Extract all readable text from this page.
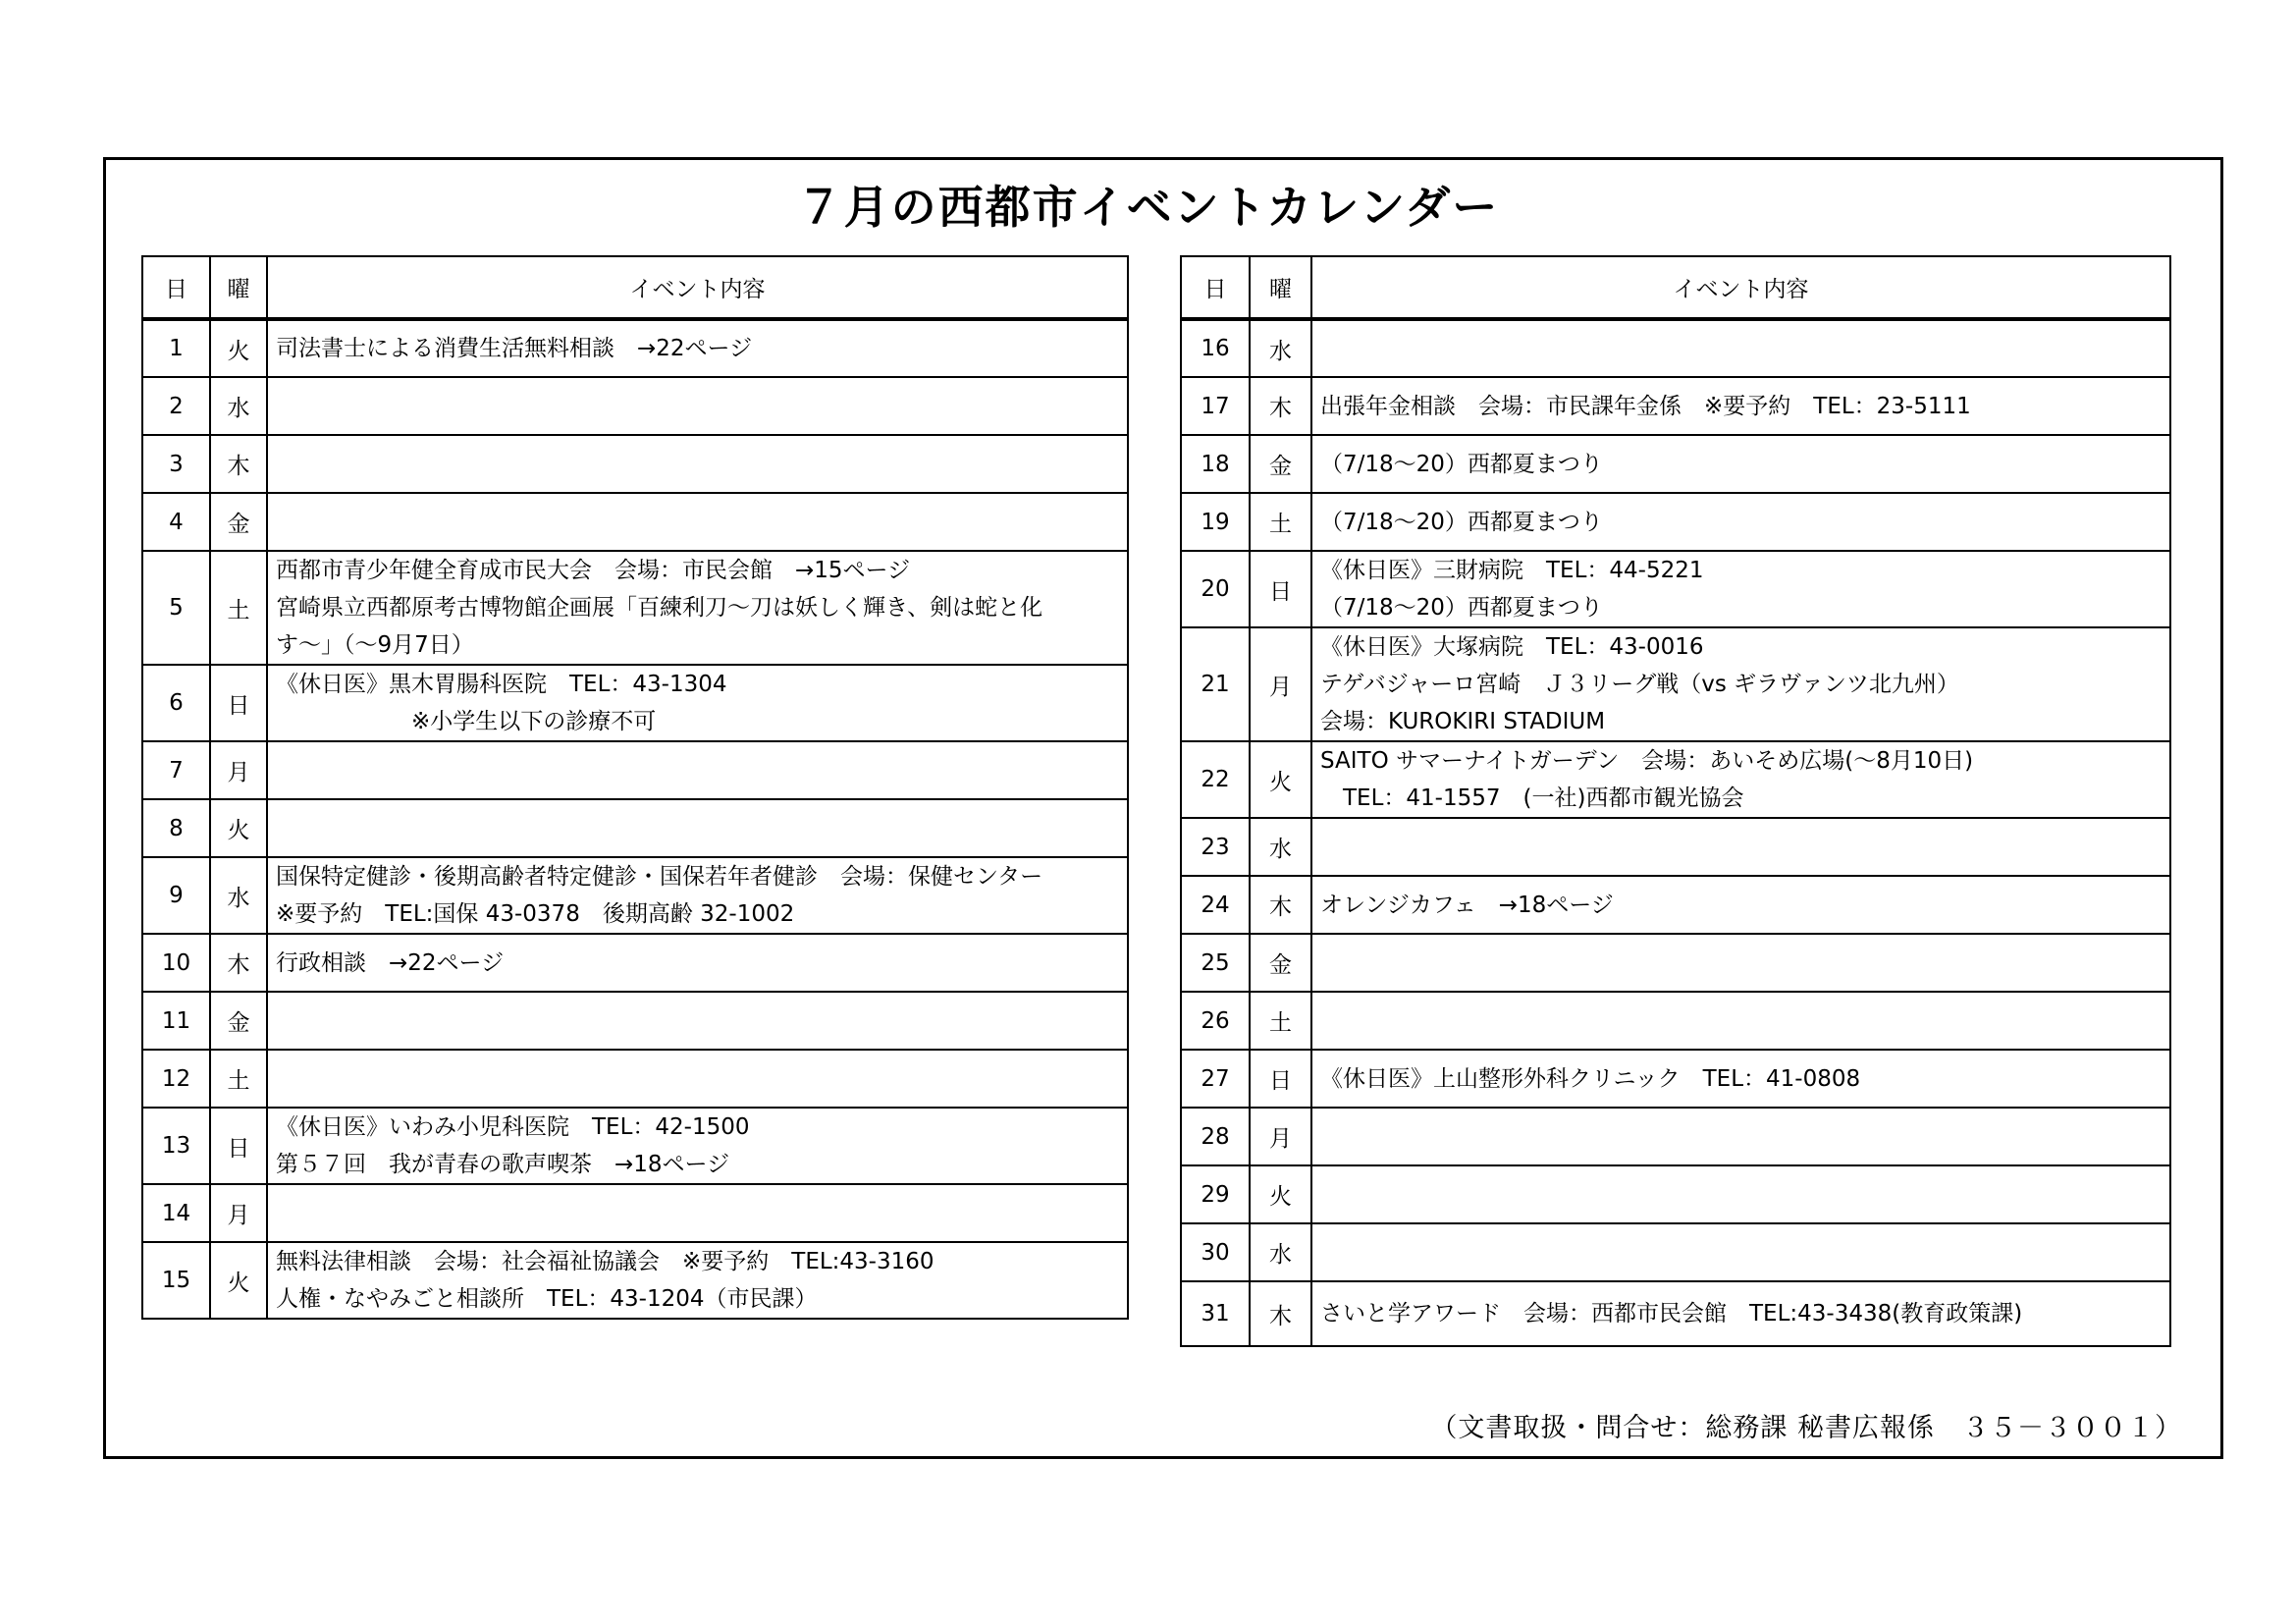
７月の西都市イベントカレンダー
日	曜	イベント内容
1	火	司法書士による消費生活無料相談　→22ページ

2	水	
3	木	
4	金	
5	土	西都市青少年健全育成市民大会　会場：市民会館　→15ページ
宮崎県立西都原考古博物館企画展「百練利刀～刀は妖しく輝き、剣は蛇と化
す～」（～9月7日）

6	日	《休日医》黒木胃腸科医院　TEL：43-1304
　　　　　　※小学生以下の診療不可

7	月	
8	火	
9	水	国保特定健診・後期高齢者特定健診・国保若年者健診　会場：保健センター
※要予約　TEL:国保 43-0378　後期高齢 32-1002

10	木	行政相談　→22ページ

11	金	
12	土	
13	日	《休日医》いわみ小児科医院　TEL：42-1500
第５７回　我が青春の歌声喫茶　→18ページ

14	月	
15	火	無料法律相談　会場：社会福祉協議会　※要予約　TEL:43-3160
人権・なやみごと相談所　TEL：43-1204（市民課）
日	曜	イベント内容
16	水	
17	木	出張年金相談　会場：市民課年金係　※要予約　TEL：23-5111

18	金	（7/18～20）西都夏まつり

19	土	（7/18～20）西都夏まつり

20	日	《休日医》三財病院　TEL：44-5221
（7/18～20）西都夏まつり

21	月	《休日医》大塚病院　TEL：43-0016
テゲバジャーロ宮崎　Ｊ３リーグ戦（vs ギラヴァンツ北九州）
会場：KUROKIRI STADIUM

22	火	SAITO サマーナイトガーデン　会場：あいそめ広場(～8月10日)
　TEL：41-1557　(一社)西都市観光協会

23	水	
24	木	オレンジカフェ　→18ページ

25	金	
26	土	
27	日	《休日医》上山整形外科クリニック　TEL：41-0808

28	月	
29	火	
30	水	
31	木	さいと学アワード　会場：西都市民会館　TEL:43-3438(教育政策課)
（文書取扱・問合せ：総務課 秘書広報係　３５－３００１）
